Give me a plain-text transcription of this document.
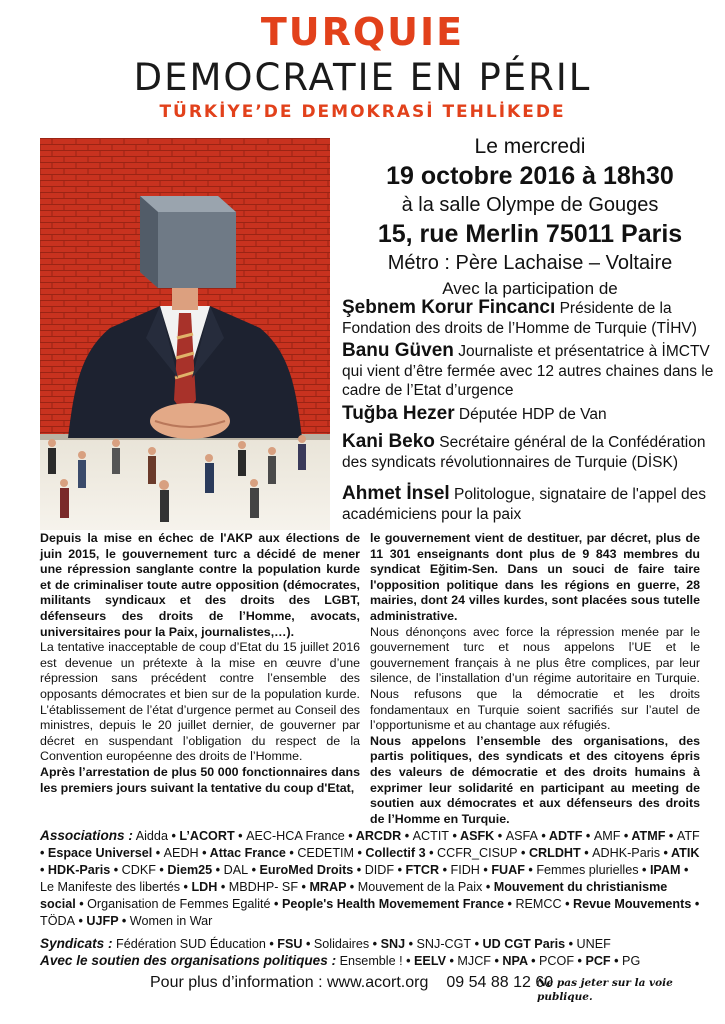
TURQUIE
DEMOCRATIE EN PÉRIL
TÜRKİYE’DE DEMOKRASİ TEHLİKEDE
Le mercredi
19 octobre 2016 à 18h30
à la salle Olympe de Gouges
15, rue Merlin 75011 Paris
Métro : Père Lachaise – Voltaire
Avec la participation de
Şebnem Korur Fincancı Présidente de la Fondation des droits de l’Homme de Turquie (TİHV)
Banu Güven Journaliste et présentatrice à İMCTV qui vient d’être fermée avec 12 autres chaines dans le cadre de l’Etat d’urgence
Tuğba Hezer Députée HDP de Van
Kani Beko Secrétaire général de la Confédération des syndicats révolutionnaires de Turquie (DİSK)
Ahmet İnsel Politologue, signataire de l'appel des académiciens pour la paix

Depuis la mise en échec de l'AKP aux élections de juin 2015, le gouvernement turc a décidé de mener une répression sanglante contre la population kurde et de criminaliser toute autre opposition (démocrates, militants syndicaux et des droits des LGBT, défenseurs des droits de l’Homme, avocats, universitaires pour la Paix, journalistes,…).

La tentative inacceptable de coup d’Etat du 15 juillet 2016 est devenue un prétexte à la mise en œuvre d’une répression sans précédent contre l’ensemble des opposants démocrates et bien sur de la population kurde. L’établissement de l’état d’urgence permet au Conseil des ministres, depuis le 20 juillet dernier, de gouverner par décret en suspendant l’obligation du respect de la Convention européenne des droits de l’Homme.

Après l’arrestation de plus 50 000 fonctionnaires dans les premiers jours suivant la tentative du coup d'Etat,

le gouvernement vient de destituer, par décret, plus de 11 301 enseignants dont plus de 9 843 membres du syndicat Eğitim-Sen. Dans un souci de faire taire l'opposition politique dans les régions en guerre, 28 mairies, dont 24 villes kurdes, sont placées sous tutelle administrative.

Nous dénonçons avec force la répression menée par le gouvernement turc et nous appelons l’UE et le gouvernement français à ne plus être complices, par leur silence, de l’installation d’un régime autoritaire en Turquie. Nous refusons que la démocratie et les droits fondamentaux en Turquie soient sacrifiés sur l’autel de l’opportunisme et au chantage aux réfugiés.

Nous appelons l’ensemble des organisations, des partis politiques, des syndicats et des citoyens épris des valeurs de démocratie et des droits humains à exprimer leur solidarité en participant au meeting de soutien aux démocrates et aux défenseurs des droits de l’Homme en Turquie.

Associations : Aidda • L’ACORT • AEC-HCA France • ARCDR • ACTIT • ASFK • ASFA • ADTF • AMF • ATMF • ATF • Espace Universel • AEDH • Attac France • CEDETIM • Collectif 3 • CCFR_CISUP • CRLDHT • ADHK-Paris • ATIK • HDK-Paris • CDKF • Diem25 • DAL • EuroMed Droits • DIDF • FTCR • FIDH • FUAF • Femmes plurielles • IPAM • Le Manifeste des libertés • LDH • MBDHP- SF • MRAP • Mouvement de la Paix • Mouvement du christianisme social • Organisation de Femmes Egalité • People's Health Movemement France • REMCC • Revue Mouvements • TÖDA • UJFP • Women in War
Syndicats : Fédération SUD Éducation • FSU • Solidaires • SNJ • SNJ-CGT • UD CGT Paris • UNEF
Avec le soutien des organisations politiques : Ensemble ! • EELV • MJCF • NPA • PCOF • PCF • PG
Pour plus d’information : www.acort.org 09 54 88 12 60
Ne pas jeter sur la voie publique.
